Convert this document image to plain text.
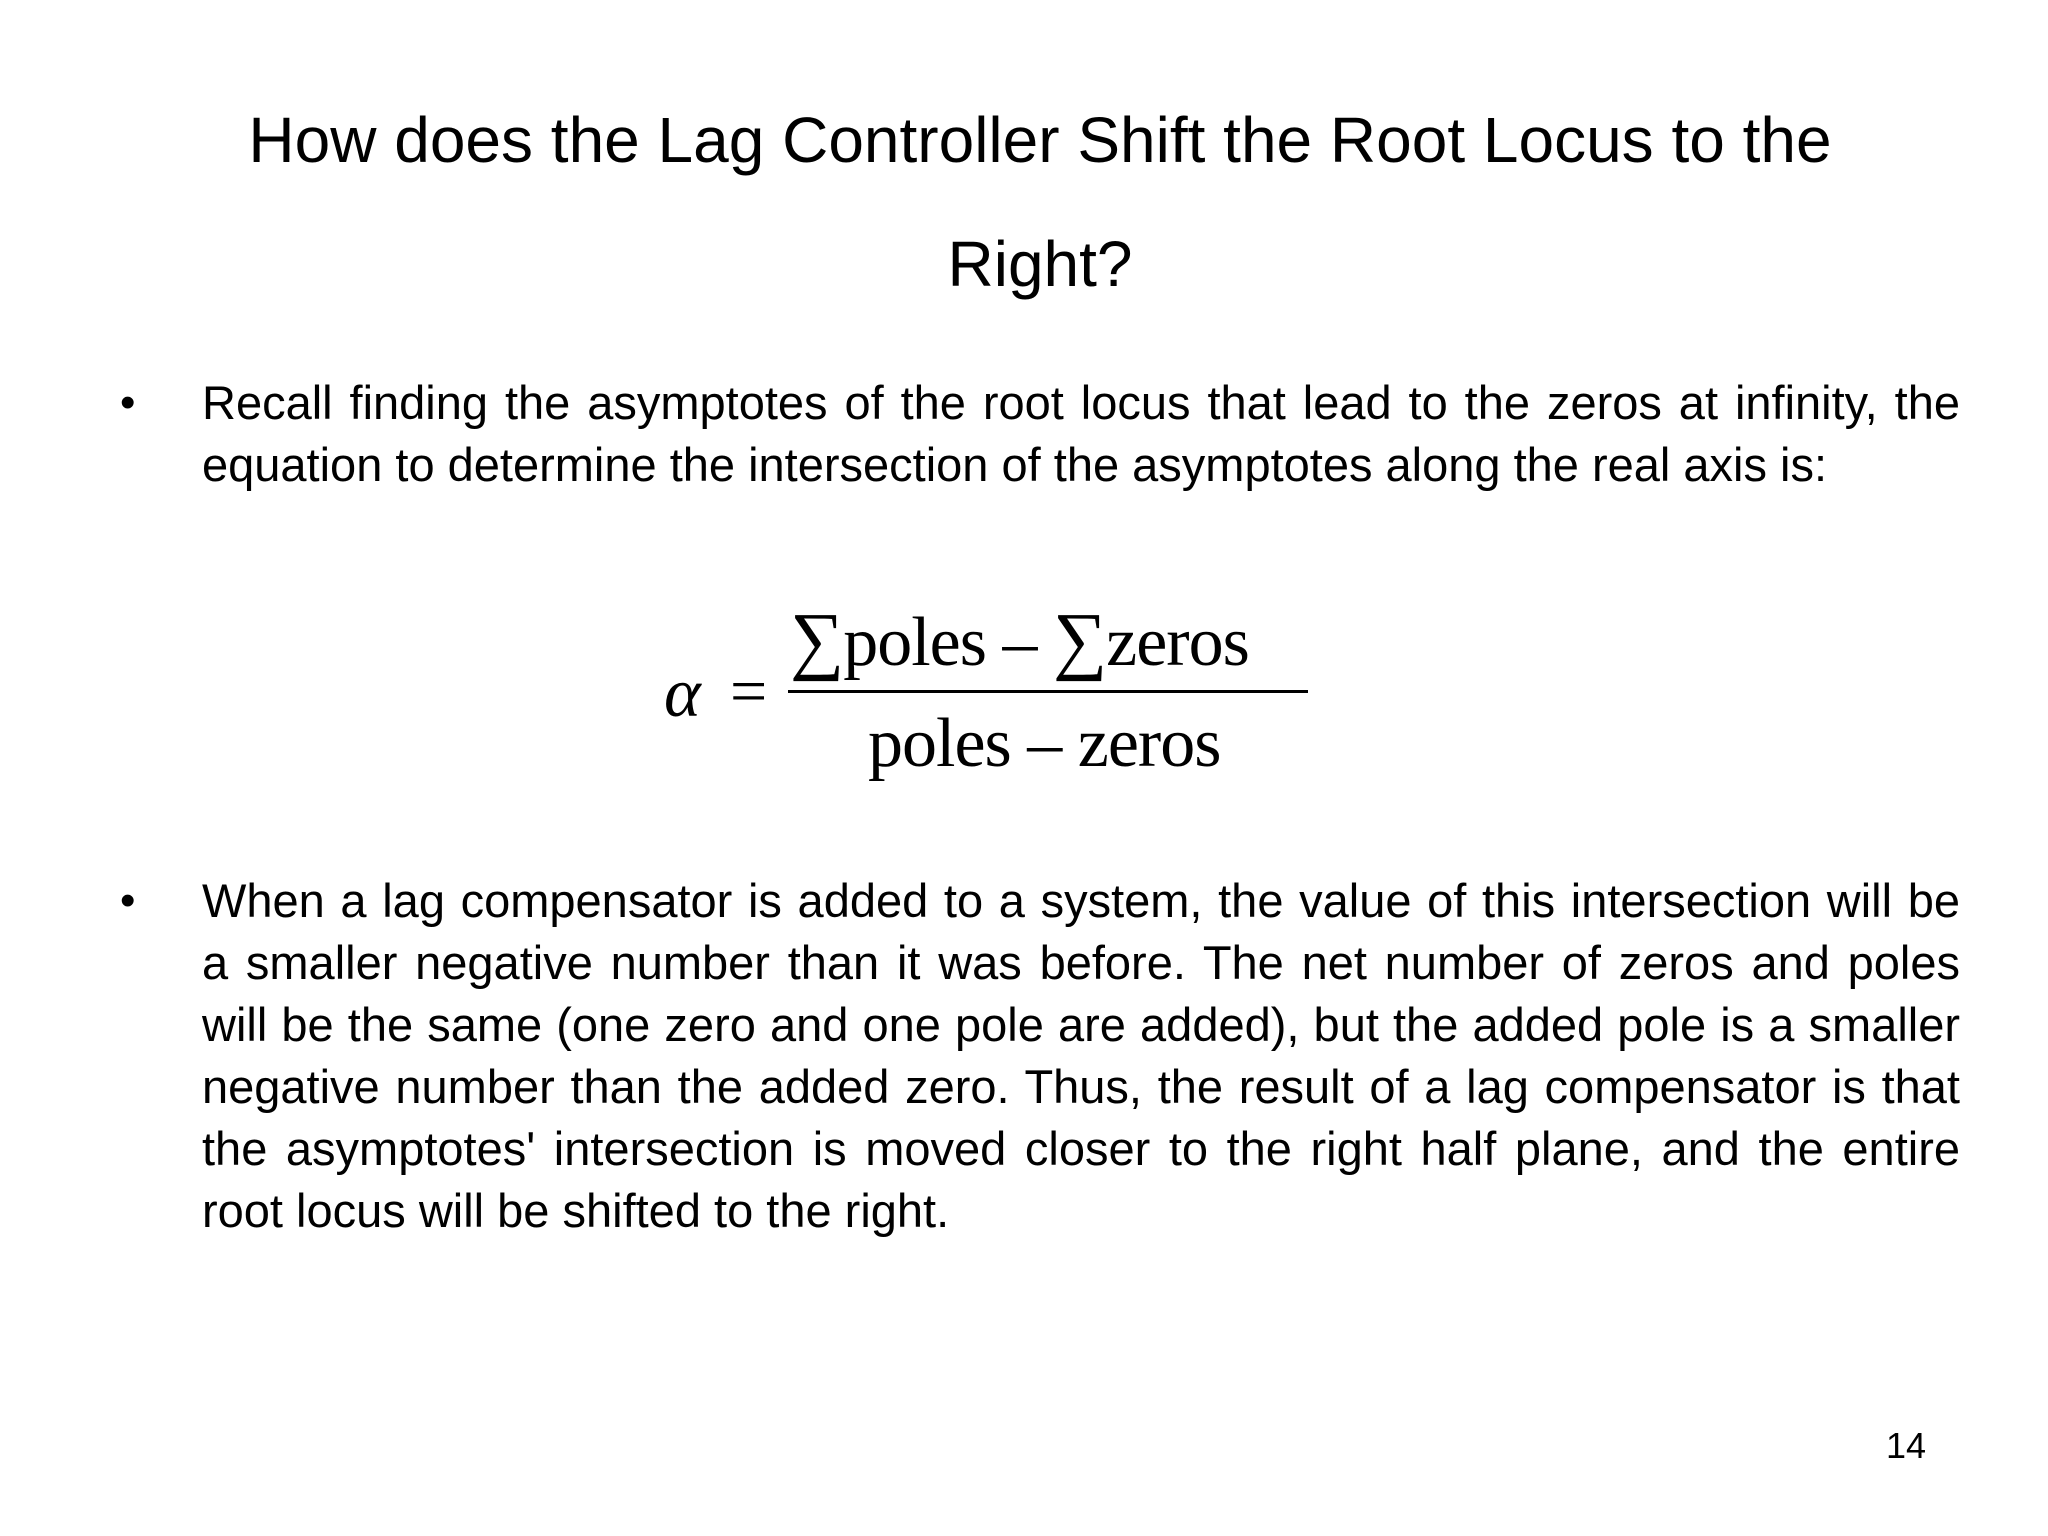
How does the Lag Controller Shift the Root Locus to the Right?
• Recall finding the asymptotes of the root locus that lead to the zeros at infinity, the equation to determine the intersection of the asymptotes along the real axis is:

• When a lag compensator is added to a system, the value of this intersection will be a smaller negative number than it was before. The net number of zeros and poles will be the same (one zero and one pole are added), but the added pole is a smaller negative number than the added zero. Thus, the result of a lag compensator is that the asymptotes' intersection is moved closer to the right half plane, and the entire root locus will be shifted to the right.

α =
∑poles – ∑zeros
poles – zeros
14
